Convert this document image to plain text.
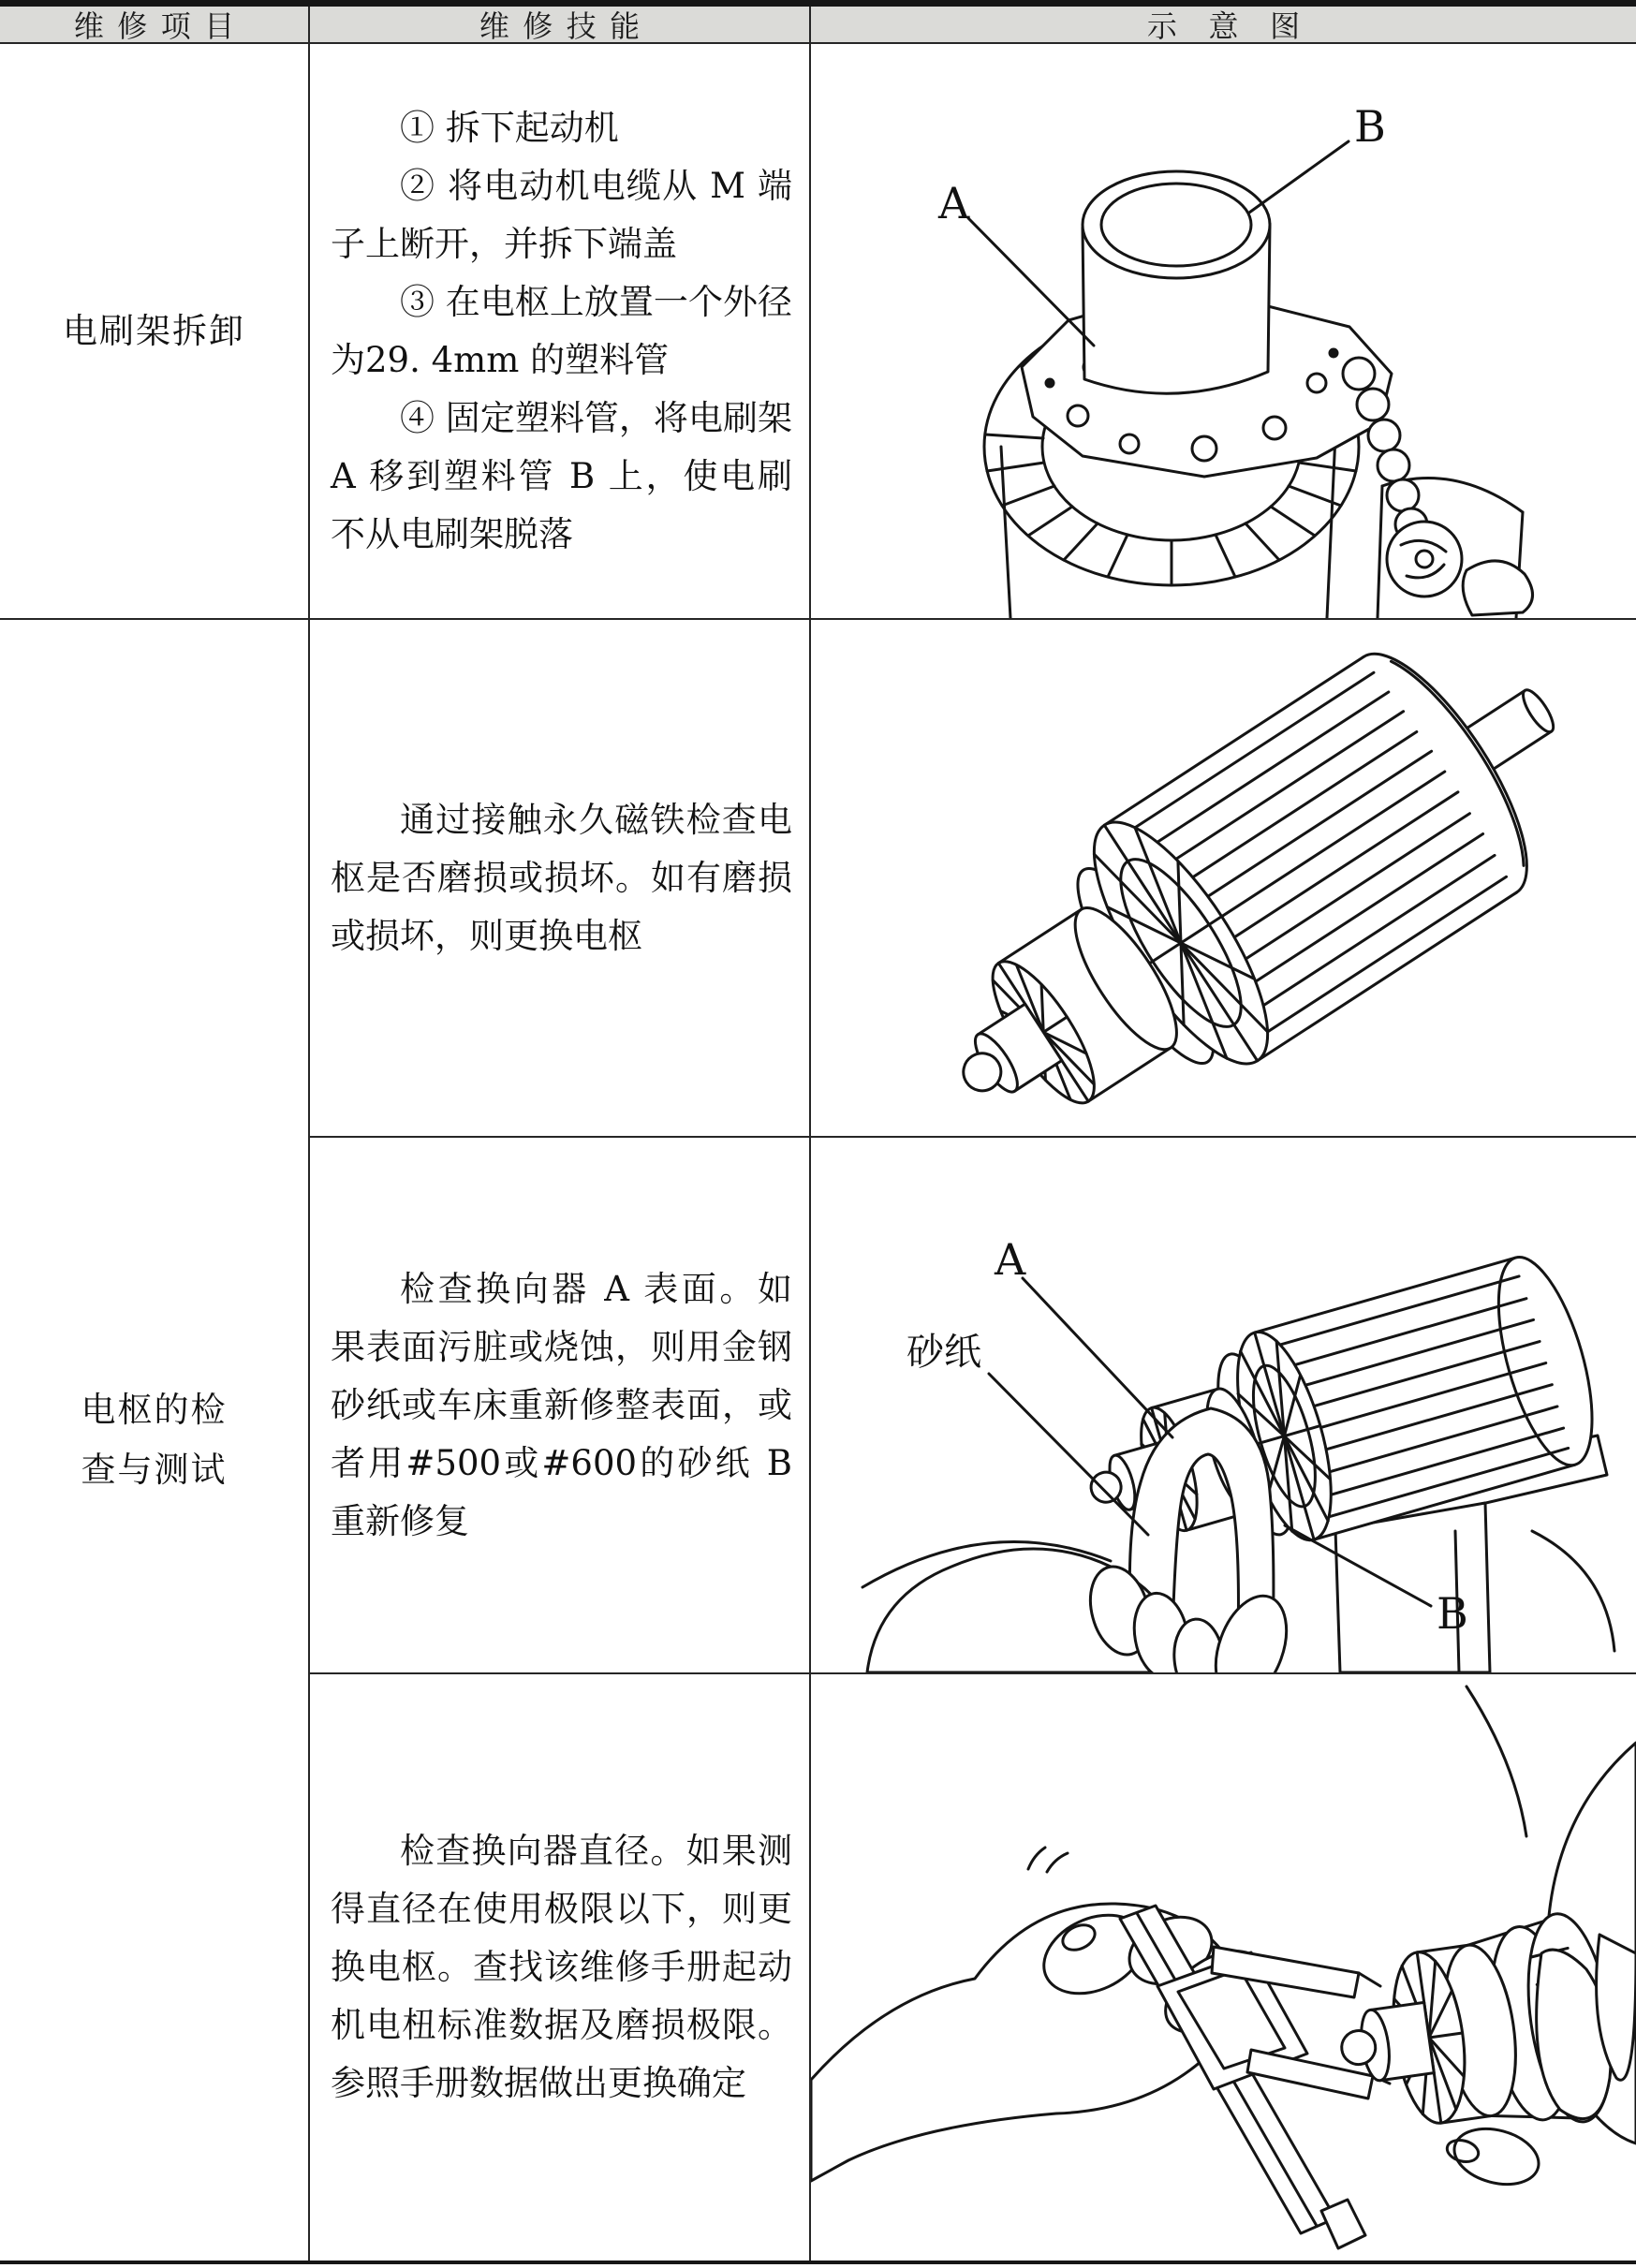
维修项目	维修技能	示意图
电刷架拆卸
① 拆下起动机
② 将电动机电缆从 M 端子上断开，并拆下端盖
③ 在电枢上放置一个外径为29. 4mm 的塑料管
④ 固定塑料管，将电刷架 A 移到塑料管 B 上，使电刷不从电刷架脱落
A
B
电枢的检
查与测试
通过接触永久磁铁检查电枢是否磨损或损坏。如有磨损或损坏，则更换电枢
检查换向器 A 表面。如果表面污脏或烧蚀，则用金钢砂纸或车床重新修整表面，或者用#500或#600的砂纸 B 重新修复
A
砂纸
B
检查换向器直径。如果测得直径在使用极限以下，则更换电枢。查找该维修手册起动机电杻标准数据及磨损极限。参照手册数据做出更换确定
